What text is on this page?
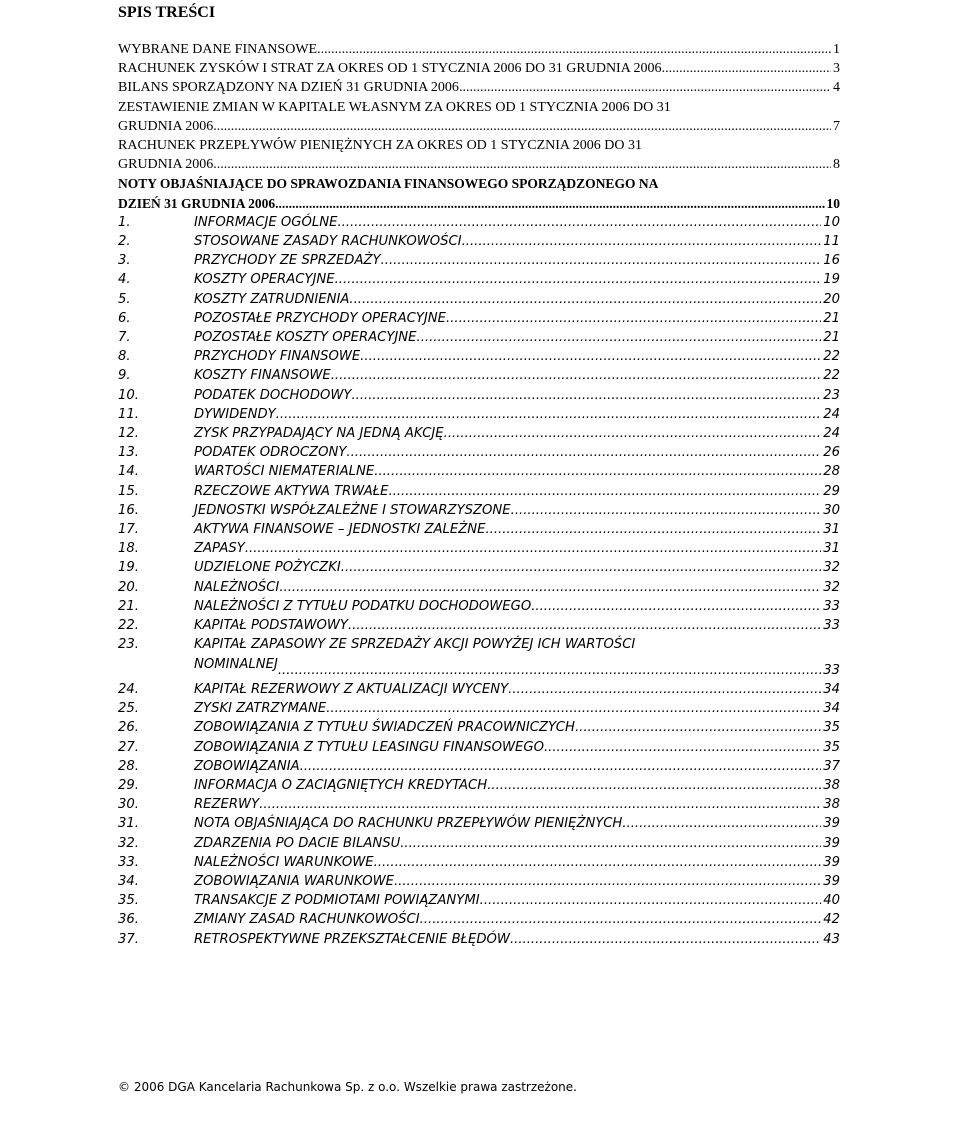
SPIS TREŚCI
WYBRANE DANE FINANSOWE .....	1
RACHUNEK ZYSKÓW I STRAT ZA OKRES OD 1 STYCZNIA 2006 DO 31 GRUDNIA 2006 .....	3
BILANS SPORZĄDZONY NA DZIEŃ 31 GRUDNIA 2006 .....	4
ZESTAWIENIE ZMIAN W KAPITALE WŁASNYM ZA OKRES OD 1 STYCZNIA 2006 DO 31
GRUDNIA 2006 .....	7
RACHUNEK PRZEPŁYWÓW PIENIĘŻNYCH ZA OKRES OD 1 STYCZNIA 2006 DO 31
GRUDNIA 2006 .....	8
NOTY OBJAŚNIAJĄCE DO SPRAWOZDANIA FINANSOWEGO SPORZĄDZONEGO NA
DZIEŃ 31 GRUDNIA 2006 .....	10
1.	INFORMACJE OGÓLNE .....	10
2.	STOSOWANE ZASADY RACHUNKOWOŚCI .....	11
3.	PRZYCHODY ZE SPRZEDAŻY .....	16
4.	KOSZTY OPERACYJNE .....	19
5.	KOSZTY ZATRUDNIENIA .....	20
6.	POZOSTAŁE PRZYCHODY OPERACYJNE .....	21
7.	POZOSTAŁE KOSZTY OPERACYJNE .....	21
8.	PRZYCHODY FINANSOWE .....	22
9.	KOSZTY FINANSOWE .....	22
10.	PODATEK DOCHODOWY .....	23
11.	DYWIDENDY .....	24
12.	ZYSK PRZYPADAJĄCY NA JEDNĄ AKCJĘ .....	24
13.	PODATEK ODROCZONY .....	26
14.	WARTOŚCI NIEMATERIALNE .....	28
15.	RZECZOWE AKTYWA TRWAŁE .....	29
16.	JEDNOSTKI WSPÓŁZALEŻNE I STOWARZYSZONE .....	30
17.	AKTYWA FINANSOWE – JEDNOSTKI ZALEŻNE .....	31
18.	ZAPASY .....	31
19.	UDZIELONE POŻYCZKI .....	32
20.	NALEŻNOŚCI .....	32
21.	NALEŻNOŚCI Z TYTUŁU PODATKU DOCHODOWEGO .....	33
22.	KAPITAŁ PODSTAWOWY .....	33
23.	KAPITAŁ ZAPASOWY ZE SPRZEDAŻY AKCJI POWYŻEJ ICH WARTOŚCI
NOMINALNEJ .....	33
24.	KAPITAŁ REZERWOWY Z AKTUALIZACJI WYCENY .....	34
25.	ZYSKI ZATRZYMANE .....	34
26.	ZOBOWIĄZANIA Z TYTUŁU ŚWIADCZEŃ PRACOWNICZYCH .....	35
27.	ZOBOWIĄZANIA Z TYTUŁU LEASINGU FINANSOWEGO .....	35
28.	ZOBOWIĄZANIA .....	37
29.	INFORMACJA O ZACIĄGNIĘTYCH KREDYTACH .....	38
30.	REZERWY .....	38
31.	NOTA OBJAŚNIAJĄCA DO RACHUNKU PRZEPŁYWÓW PIENIĘŻNYCH .....	39
32.	ZDARZENIA PO DACIE BILANSU .....	39
33.	NALEŻNOŚCI WARUNKOWE .....	39
34.	ZOBOWIĄZANIA WARUNKOWE .....	39
35.	TRANSAKCJE Z PODMIOTAMI POWIĄZANYMI .....	40
36.	ZMIANY ZASAD RACHUNKOWOŚCI .....	42
37.	RETROSPEKTYWNE PRZEKSZTAŁCENIE BŁĘDÓW .....	43
© 2006 DGA Kancelaria Rachunkowa Sp. z o.o. Wszelkie prawa zastrzeżone.
